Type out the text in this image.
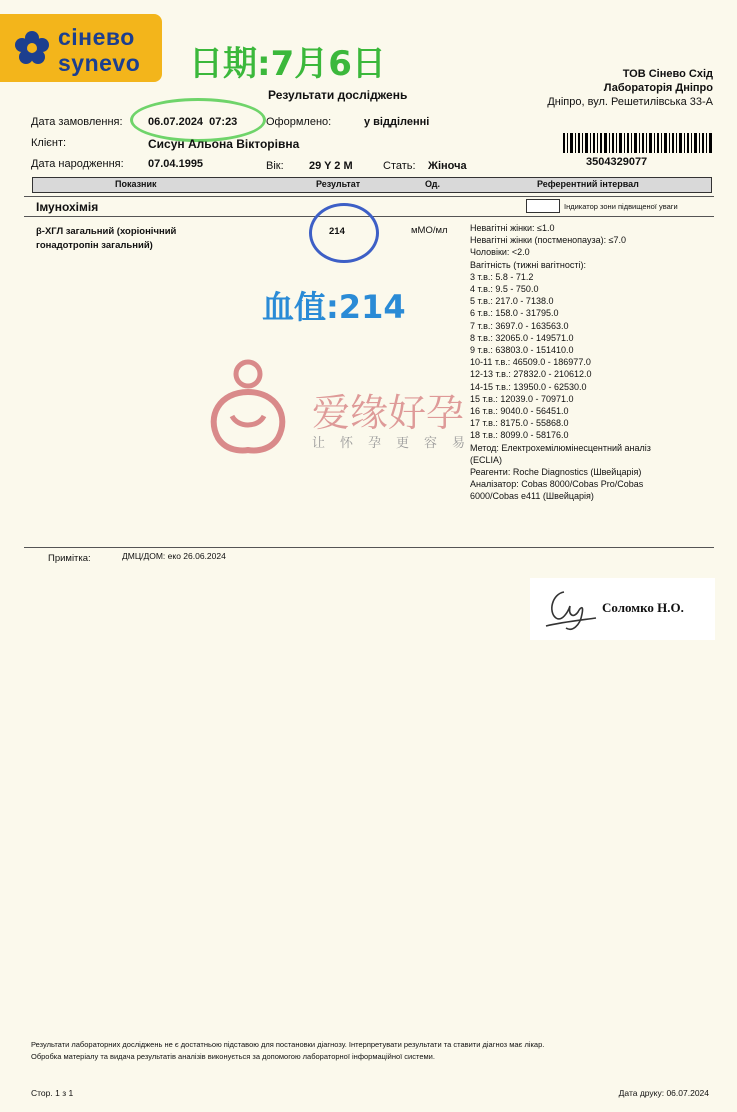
сінево
synevo 日期:7月6日	ТОВ Сінево Схід
Лабораторія Дніпро
Дніпро, вул. Решетилівська 33-А
Результати досліджень
Дата замовлення: 06.07.2024  07:23	Оформлено:	у відділенні
Клієнт:	Сисун Альона Вікторівна
Дата народження: 07.04.1995	Вік: 29 Y 2 M	Стать: Жіноча	3504329077
Показник	Результат	Од.	Референтний інтервал
Імунохімія	Індикатор зони підвищеної уваги
β-ХГЛ загальний (хоріонічний
гонадотропін загальний)
214	мМО/мл Невагітні жінки: ≤1.0
Невагітні жінки (постменопауза): ≤7.0
Чоловіки: <2.0
Вагітність (тижні вагітності):
3 т.в.: 5.8 - 71.2
4 т.в.: 9.5 - 750.0
5 т.в.: 217.0 - 7138.0
6 т.в.: 158.0 - 31795.0
7 т.в.: 3697.0 - 163563.0
8 т.в.: 32065.0 - 149571.0
9 т.в.: 63803.0 - 151410.0
10-11 т.в.: 46509.0 - 186977.0
12-13 т.в.: 27832.0 - 210612.0
14-15 т.в.: 13950.0 - 62530.0
15 т.в.: 12039.0 - 70971.0
16 т.в.: 9040.0 - 56451.0
17 т.в.: 8175.0 - 55868.0
18 т.в.: 8099.0 - 58176.0
Метод: Електрохемілюмінесцентний аналіз
(ECLIA)
Реагенти: Roche Diagnostics (Швейцарія)
Аналізатор: Cobas 8000/Cobas Pro/Cobas
6000/Cobas e411 (Швейцарія)
血值:214
爱缘好孕
让怀孕更容易
Примітка:	ДМЦ/ДОМ: еко 26.06.2024
Соломко Н.О.
Результати лабораторних досліджень не є достатньою підставою для постановки діагнозу. Інтерпретувати результати та ставити діагноз має лікар.
Обробка матеріалу та видача результатів аналізів виконується за допомогою лабораторної інформаційної системи.
Стор. 1 з 1	Дата друку: 06.07.2024
